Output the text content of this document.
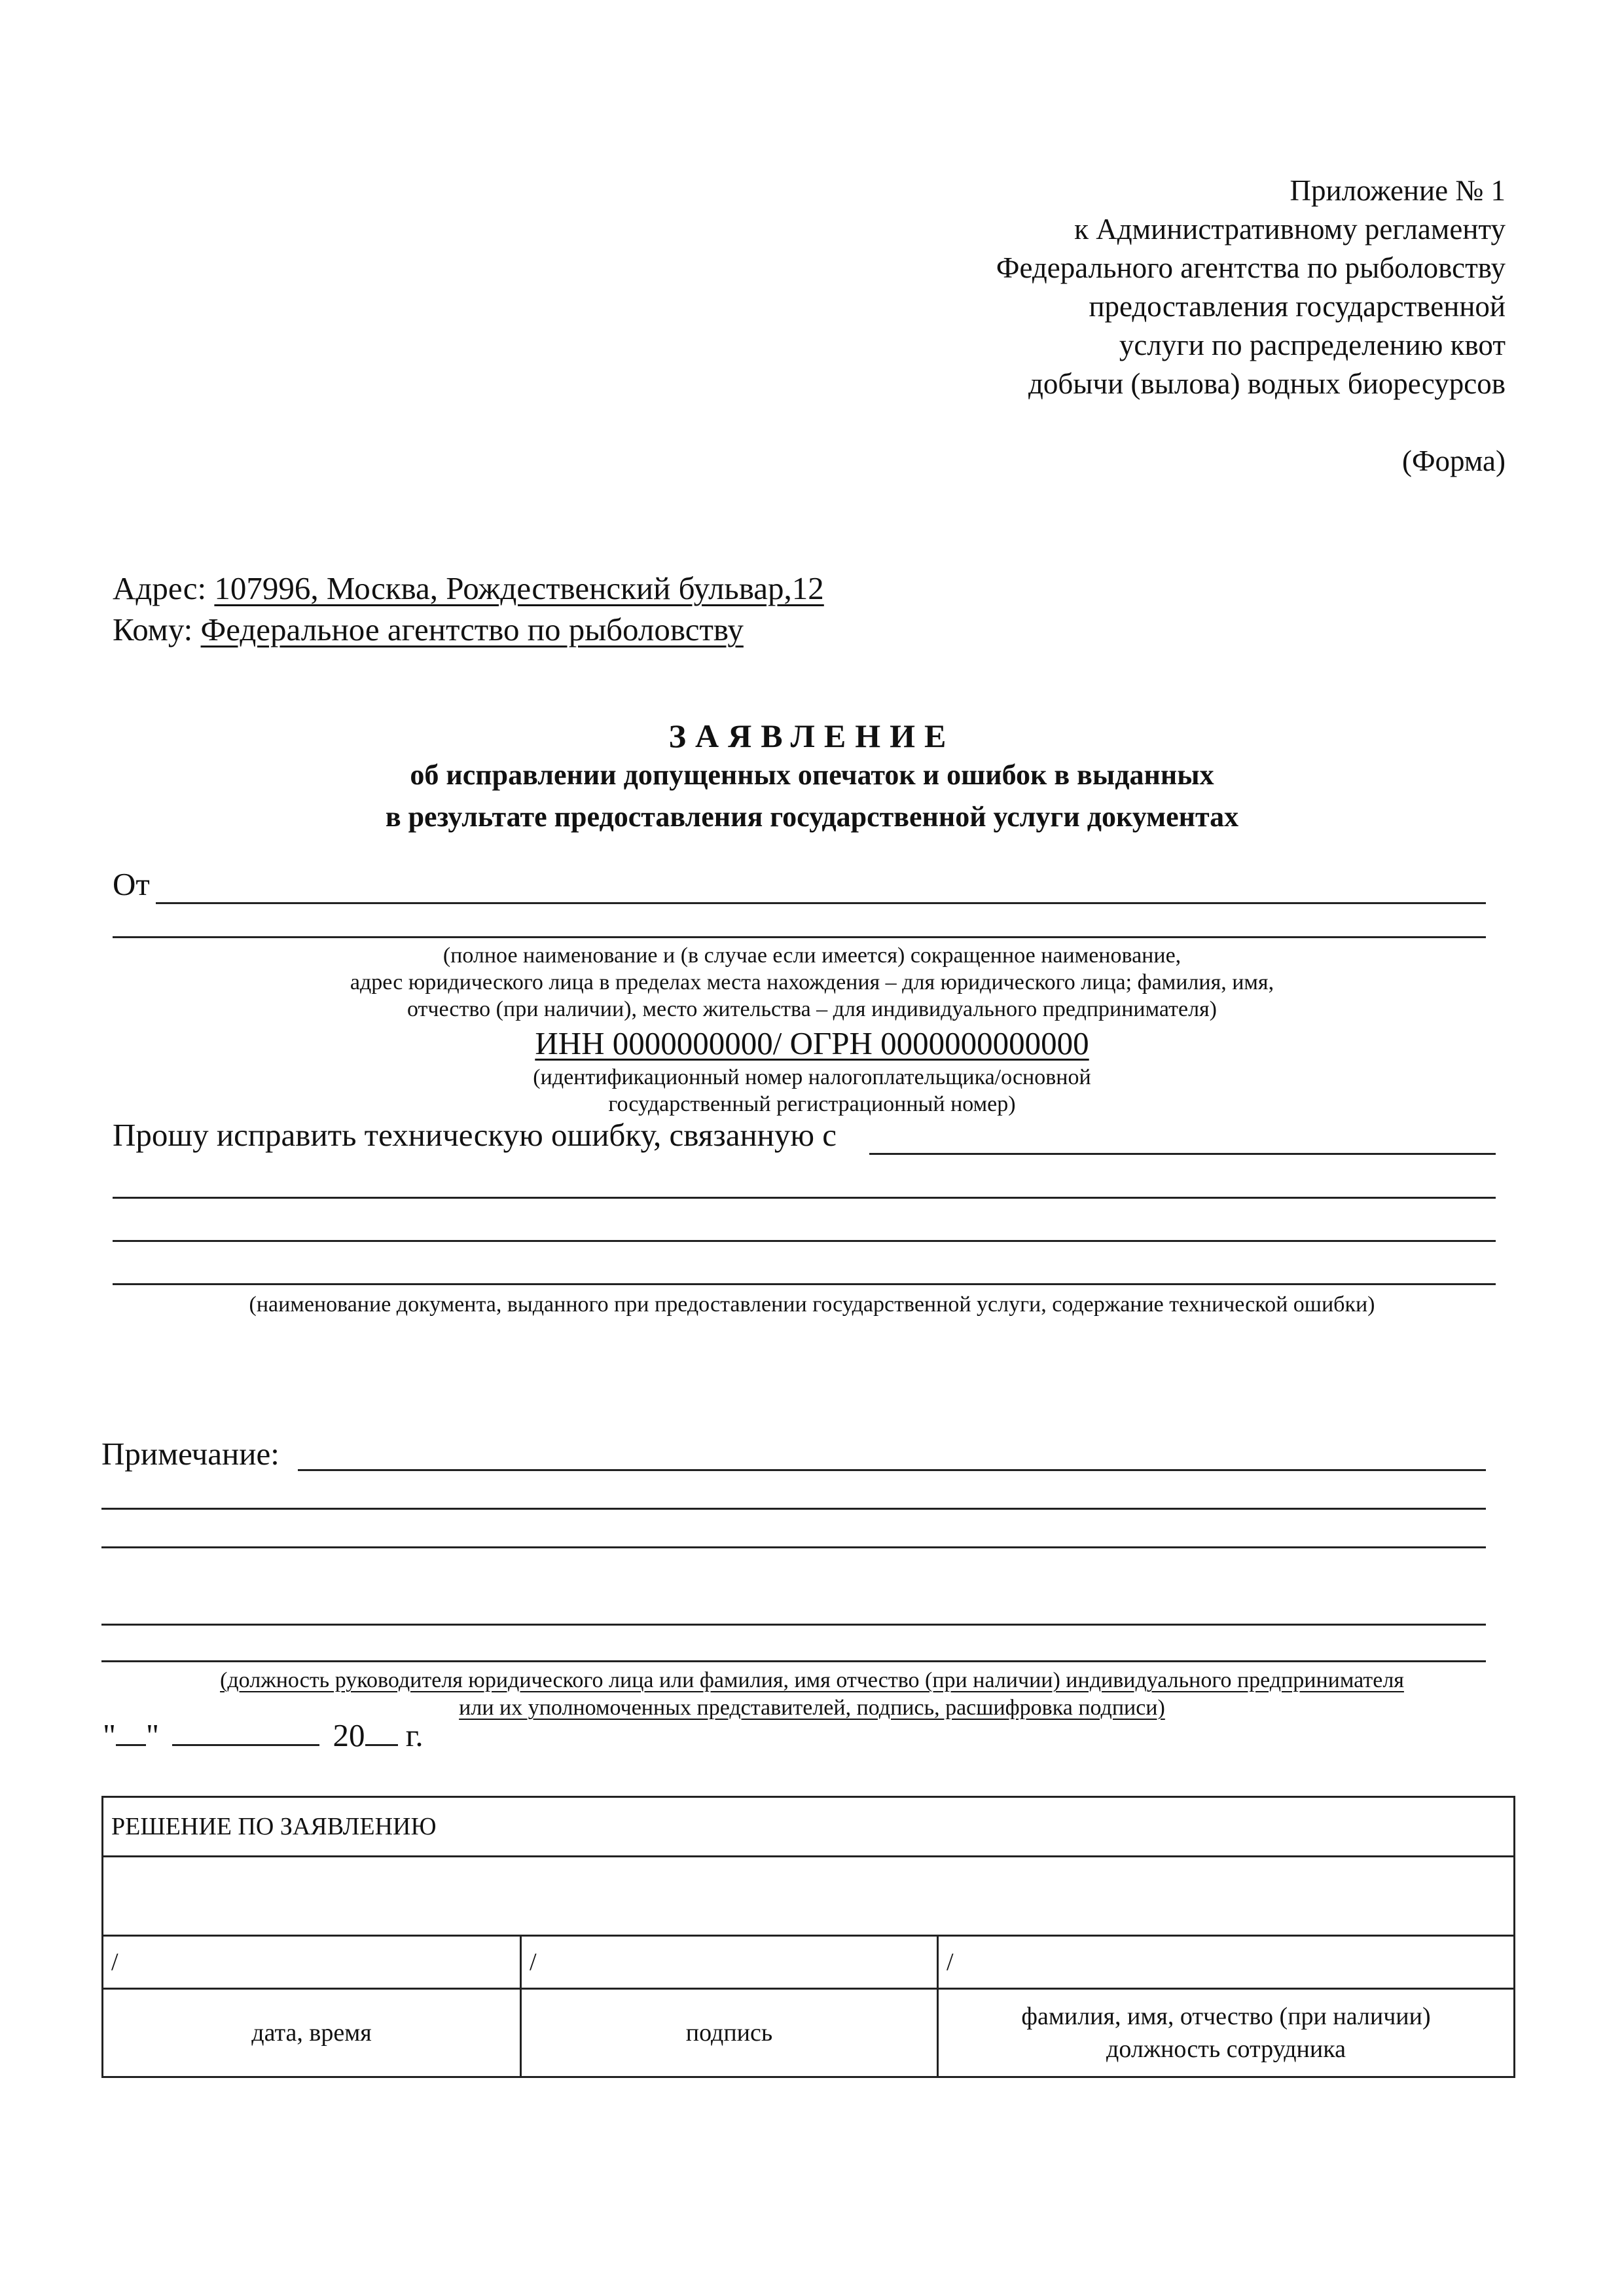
Приложение № 1
к Административному регламенту
Федерального агентства по рыболовству
предоставления государственной
услуги по распределению квот
добычи (вылова) водных биоресурсов
(Форма)
Адрес: 107996, Москва, Рождественский бульвар,12
Кому: Федеральное агентство по рыболовству
ЗАЯВЛЕНИЕ
об исправлении допущенных опечаток и ошибок в выданных
в результате предоставления государственной услуги документах
От
(полное наименование и (в случае если имеется) сокращенное наименование,
адрес юридического лица в пределах места нахождения – для юридического лица; фамилия, имя,
отчество (при наличии), место жительства – для индивидуального предпринимателя)
ИНН 0000000000/ ОГРН 0000000000000
(идентификационный номер налогоплательщика/основной
государственный регистрационный номер)
Прошу исправить техническую ошибку, связанную с
(наименование документа, выданного при предоставлении государственной услуги, содержание технической ошибки)
Примечание:
(должность руководителя юридического лица или фамилия, имя отчество (при наличии) индивидуального предпринимателя
или их уполномоченных представителей, подпись, расшифровка подписи)
" "	20 г.
РЕШЕНИЕ ПО ЗАЯВЛЕНИЮ		

/	/	/
дата, время	подпись	фамилия, имя, отчество (при наличии)
должность сотрудника
